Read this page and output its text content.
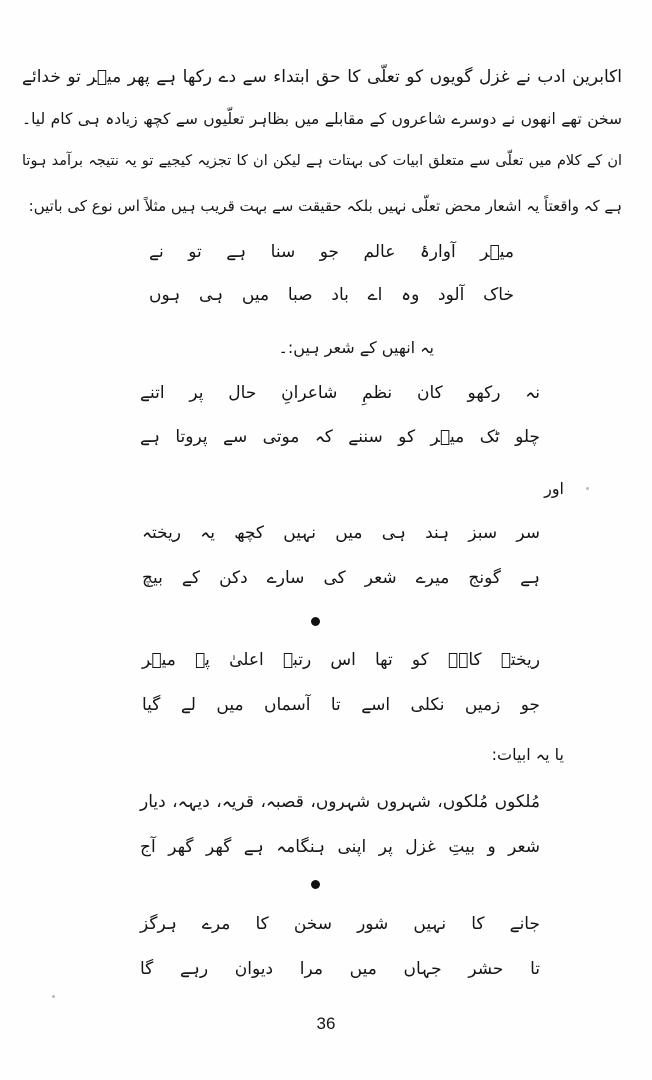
اکابرین ادب نے غزل گویوں کو تعلّی کا حق ابتداء سے دے رکھا ہے پھر میؔر تو خدائے
سخن تھے انھوں نے دوسرے شاعروں کے مقابلے میں بظاہر تعلّیوں سے کچھ زیادہ ہی کام لیا۔
ان کے کلام میں تعلّی سے متعلق ابیات کی بہتات ہے لیکن ان کا تجزیہ کیجیے تو یہ نتیجہ برآمد ہوتا
ہے کہ واقعتاً یہ اشعار محض تعلّی نہیں بلکہ حقیقت سے بہت قریب ہیں مثلاً اس نوع کی باتیں:
میؔر آوارۂ عالم جو سنا ہے تو نے
خاک آلود وہ اے باد صبا میں ہی ہوں
یہ انھیں کے شعر ہیں:۔
نہ رکھو کان نظمِ شاعرانِ حال پر اتنے
چلو ٹک میؔر کو سننے کہ موتی سے پروتا ہے
اور
سر سبز ہند ہی میں نہیں کچھ یہ ریختہ
ہے گونج میرے شعر کی سارے دکن کے بیچ
ریختہ کاہے کو تھا اس رتبۂ اعلیٰ پہ میؔر
جو زمیں نکلی اسے تا آسماں میں لے گیا
یا یہ ابیات:
مُلکوں مُلکوں، شہروں شہروں، قصبہ، قریہ، دیہہ، دیار
شعر و بیتِ غزل پر اپنی ہنگامہ ہے گھر گھر آج
جانے کا نہیں شور سخن کا مرے ہرگز
تا حشر جہاں میں مرا دیوان رہے گا
36
